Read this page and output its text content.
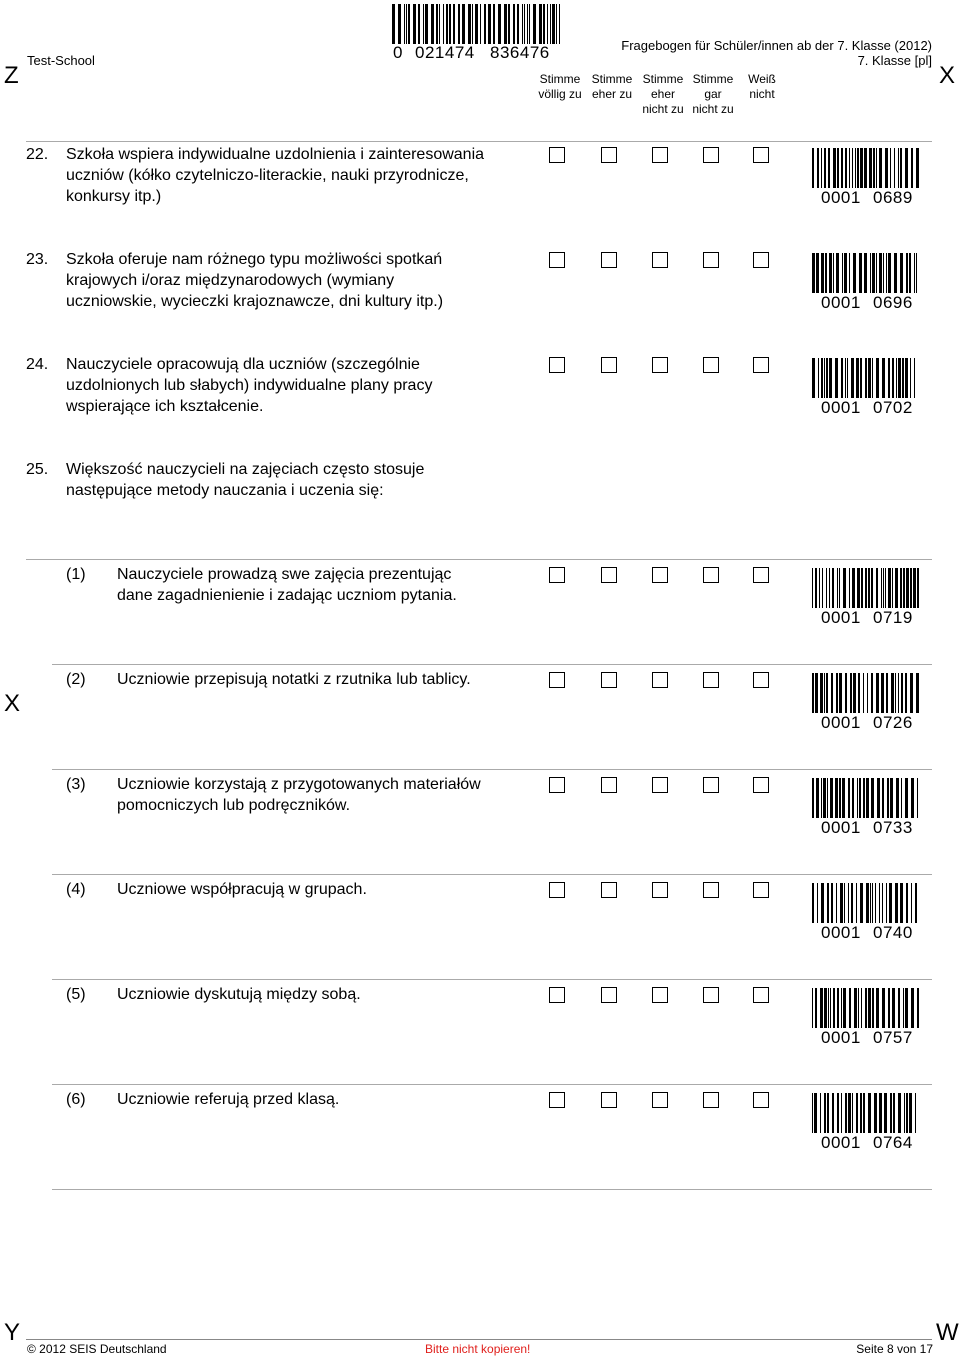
Z	X
X
Y	W
Test-School	0 021474 836476	Fragebogen für Schüler/innen ab der 7. Klasse (2012)
7. Klasse [pl]
Stimme
völlig zu
Stimme
eher zu
Stimme
eher
nicht zu
Stimme
gar
nicht zu
Weiß
nicht
22. Szkoła wspiera indywidualne uzdolnienia i zainteresowania
uczniów (kółko czytelniczo-literackie, nauki przyrodnicze,
konkursy itp.)	0001 0689
23. Szkoła oferuje nam różnego typu możliwości spotkań
krajowych i/oraz międzynarodowych (wymiany
uczniowskie, wycieczki krajoznawcze, dni kultury itp.)	0001 0696
24. Nauczyciele opracowują dla uczniów (szczególnie
uzdolnionych lub słabych) indywidualne plany pracy
wspierające ich kształcenie.	0001 0702
25. Większość nauczycieli na zajęciach często stosuje
następujące metody nauczania i uczenia się:
(1) Nauczyciele prowadzą swe zajęcia prezentując
dane zagadnienienie i zadając uczniom pytania.
0001 0719
(2) Uczniowie przepisują notatki z rzutnika lub tablicy.
0001 0726
(3) Uczniowie korzystają z przygotowanych materiałów
pomocniczych lub podręczników.
0001 0733
(4) Uczniowe współpracują w grupach.
0001 0740
(5) Uczniowie dyskutują między sobą.
0001 0757
(6) Uczniowie referują przed klasą.
0001 0764
© 2012 SEIS Deutschland	Bitte nicht kopieren!	Seite 8 von 17
